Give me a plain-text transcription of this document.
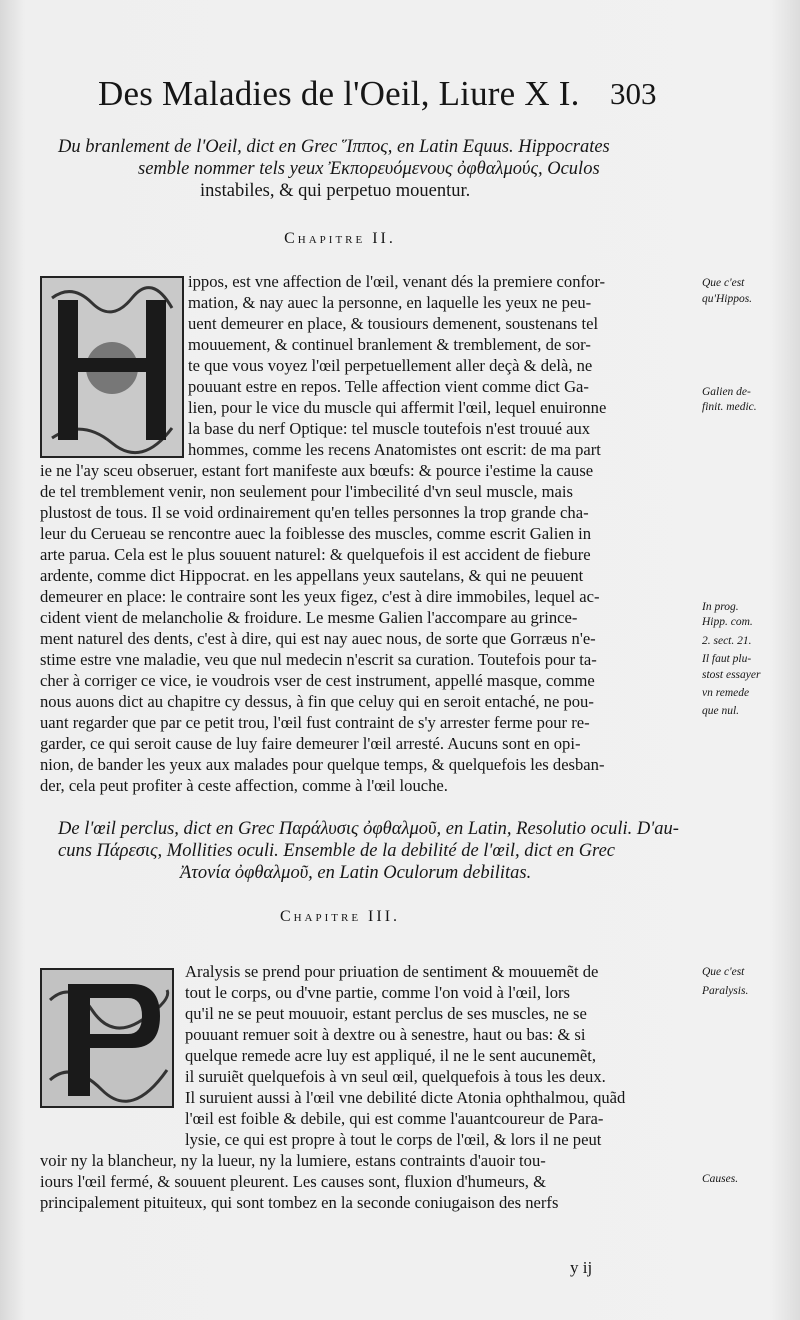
Des Maladies de l'Oeil, Liure X I. 303
Du branlement de l'Oeil, dict en Grec Ἵππος, en Latin Equus. Hippocrates
semble nommer tels yeux Ἐκπορευόμενους ὀφθαλμούς, Oculos
instabiles, & qui perpetuo mouentur.
Chapitre II.
ippos, est vne affection de l'œil, venant dés la premiere confor-
mation, & nay auec la personne, en laquelle les yeux ne peu-
uent demeurer en place, & tousiours demenent, soustenans tel
mouuement, & continuel branlement & tremblement, de sor-
te que vous voyez l'œil perpetuellement aller deçà & delà, ne
pouuant estre en repos. Telle affection vient comme dict Ga-
lien, pour le vice du muscle qui affermit l'œil, lequel enuironne
la base du nerf Optique: tel muscle toutefois n'est trouué aux
hommes, comme les recens Anatomistes ont escrit: de ma part
ie ne l'ay sceu obseruer, estant fort manifeste aux bœufs: & pource i'estime la cause
de tel tremblement venir, non seulement pour l'imbecilité d'vn seul muscle, mais
plustost de tous. Il se void ordinairement qu'en telles personnes la trop grande cha-
leur du Cerueau se rencontre auec la foiblesse des muscles, comme escrit Galien in
arte parua. Cela est le plus souuent naturel: & quelquefois il est accident de fiebure
ardente, comme dict Hippocrat. en les appellans yeux sautelans, & qui ne peuuent
demeurer en place: le contraire sont les yeux figez, c'est à dire immobiles, lequel ac-
cident vient de melancholie & froidure. Le mesme Galien l'accompare au grince-
ment naturel des dents, c'est à dire, qui est nay auec nous, de sorte que Gorræus n'e-
stime estre vne maladie, veu que nul medecin n'escrit sa curation. Toutefois pour ta-
cher à corriger ce vice, ie voudrois vser de cest instrument, appellé masque, comme
nous auons dict au chapitre cy dessus, à fin que celuy qui en seroit entaché, ne pou-
uant regarder que par ce petit trou, l'œil fust contraint de s'y arrester ferme pour re-
garder, ce qui seroit cause de luy faire demeurer l'œil arresté. Aucuns sont en opi-
nion, de bander les yeux aux malades pour quelque temps, & quelquefois les desban-
der, cela peut profiter à ceste affection, comme à l'œil louche.
De l'œil perclus, dict en Grec Παράλυσις ὀφθαλμοῦ, en Latin, Resolutio oculi. D'au-
cuns Πάρεσις, Mollities oculi. Ensemble de la debilité de l'œil, dict en Grec
Ἀτονία ὀφθαλμοῦ, en Latin Oculorum debilitas.
Chapitre III.
Aralysis se prend pour priuation de sentiment & mouuemẽt de
tout le corps, ou d'vne partie, comme l'on void à l'œil, lors
qu'il ne se peut mouuoir, estant perclus de ses muscles, ne se
pouuant remuer soit à dextre ou à senestre, haut ou bas: & si
quelque remede acre luy est appliqué, il ne le sent aucunemẽt,
il suruiẽt quelquefois à vn seul œil, quelquefois à tous les deux.
Il suruient aussi à l'œil vne debilité dicte Atonia ophthalmou, quãd
l'œil est foible & debile, qui est comme l'auantcoureur de Para-
lysie, ce qui est propre à tout le corps de l'œil, & lors il ne peut
voir ny la blancheur, ny la lueur, ny la lumiere, estans contraints d'auoir tou-
iours l'œil fermé, & souuent pleurent. Les causes sont, fluxion d'humeurs, &
principalement pituiteux, qui sont tombez en la seconde coniugaison des nerfs
Que c'est
qu'Hippos.
Galien de-
finit. medic.
In prog.
Hipp. com.
2. sect. 21.
Il faut plu-
stost essayer
vn remede
que nul.
Que c'est
Paralysis.
Causes.
y ij
